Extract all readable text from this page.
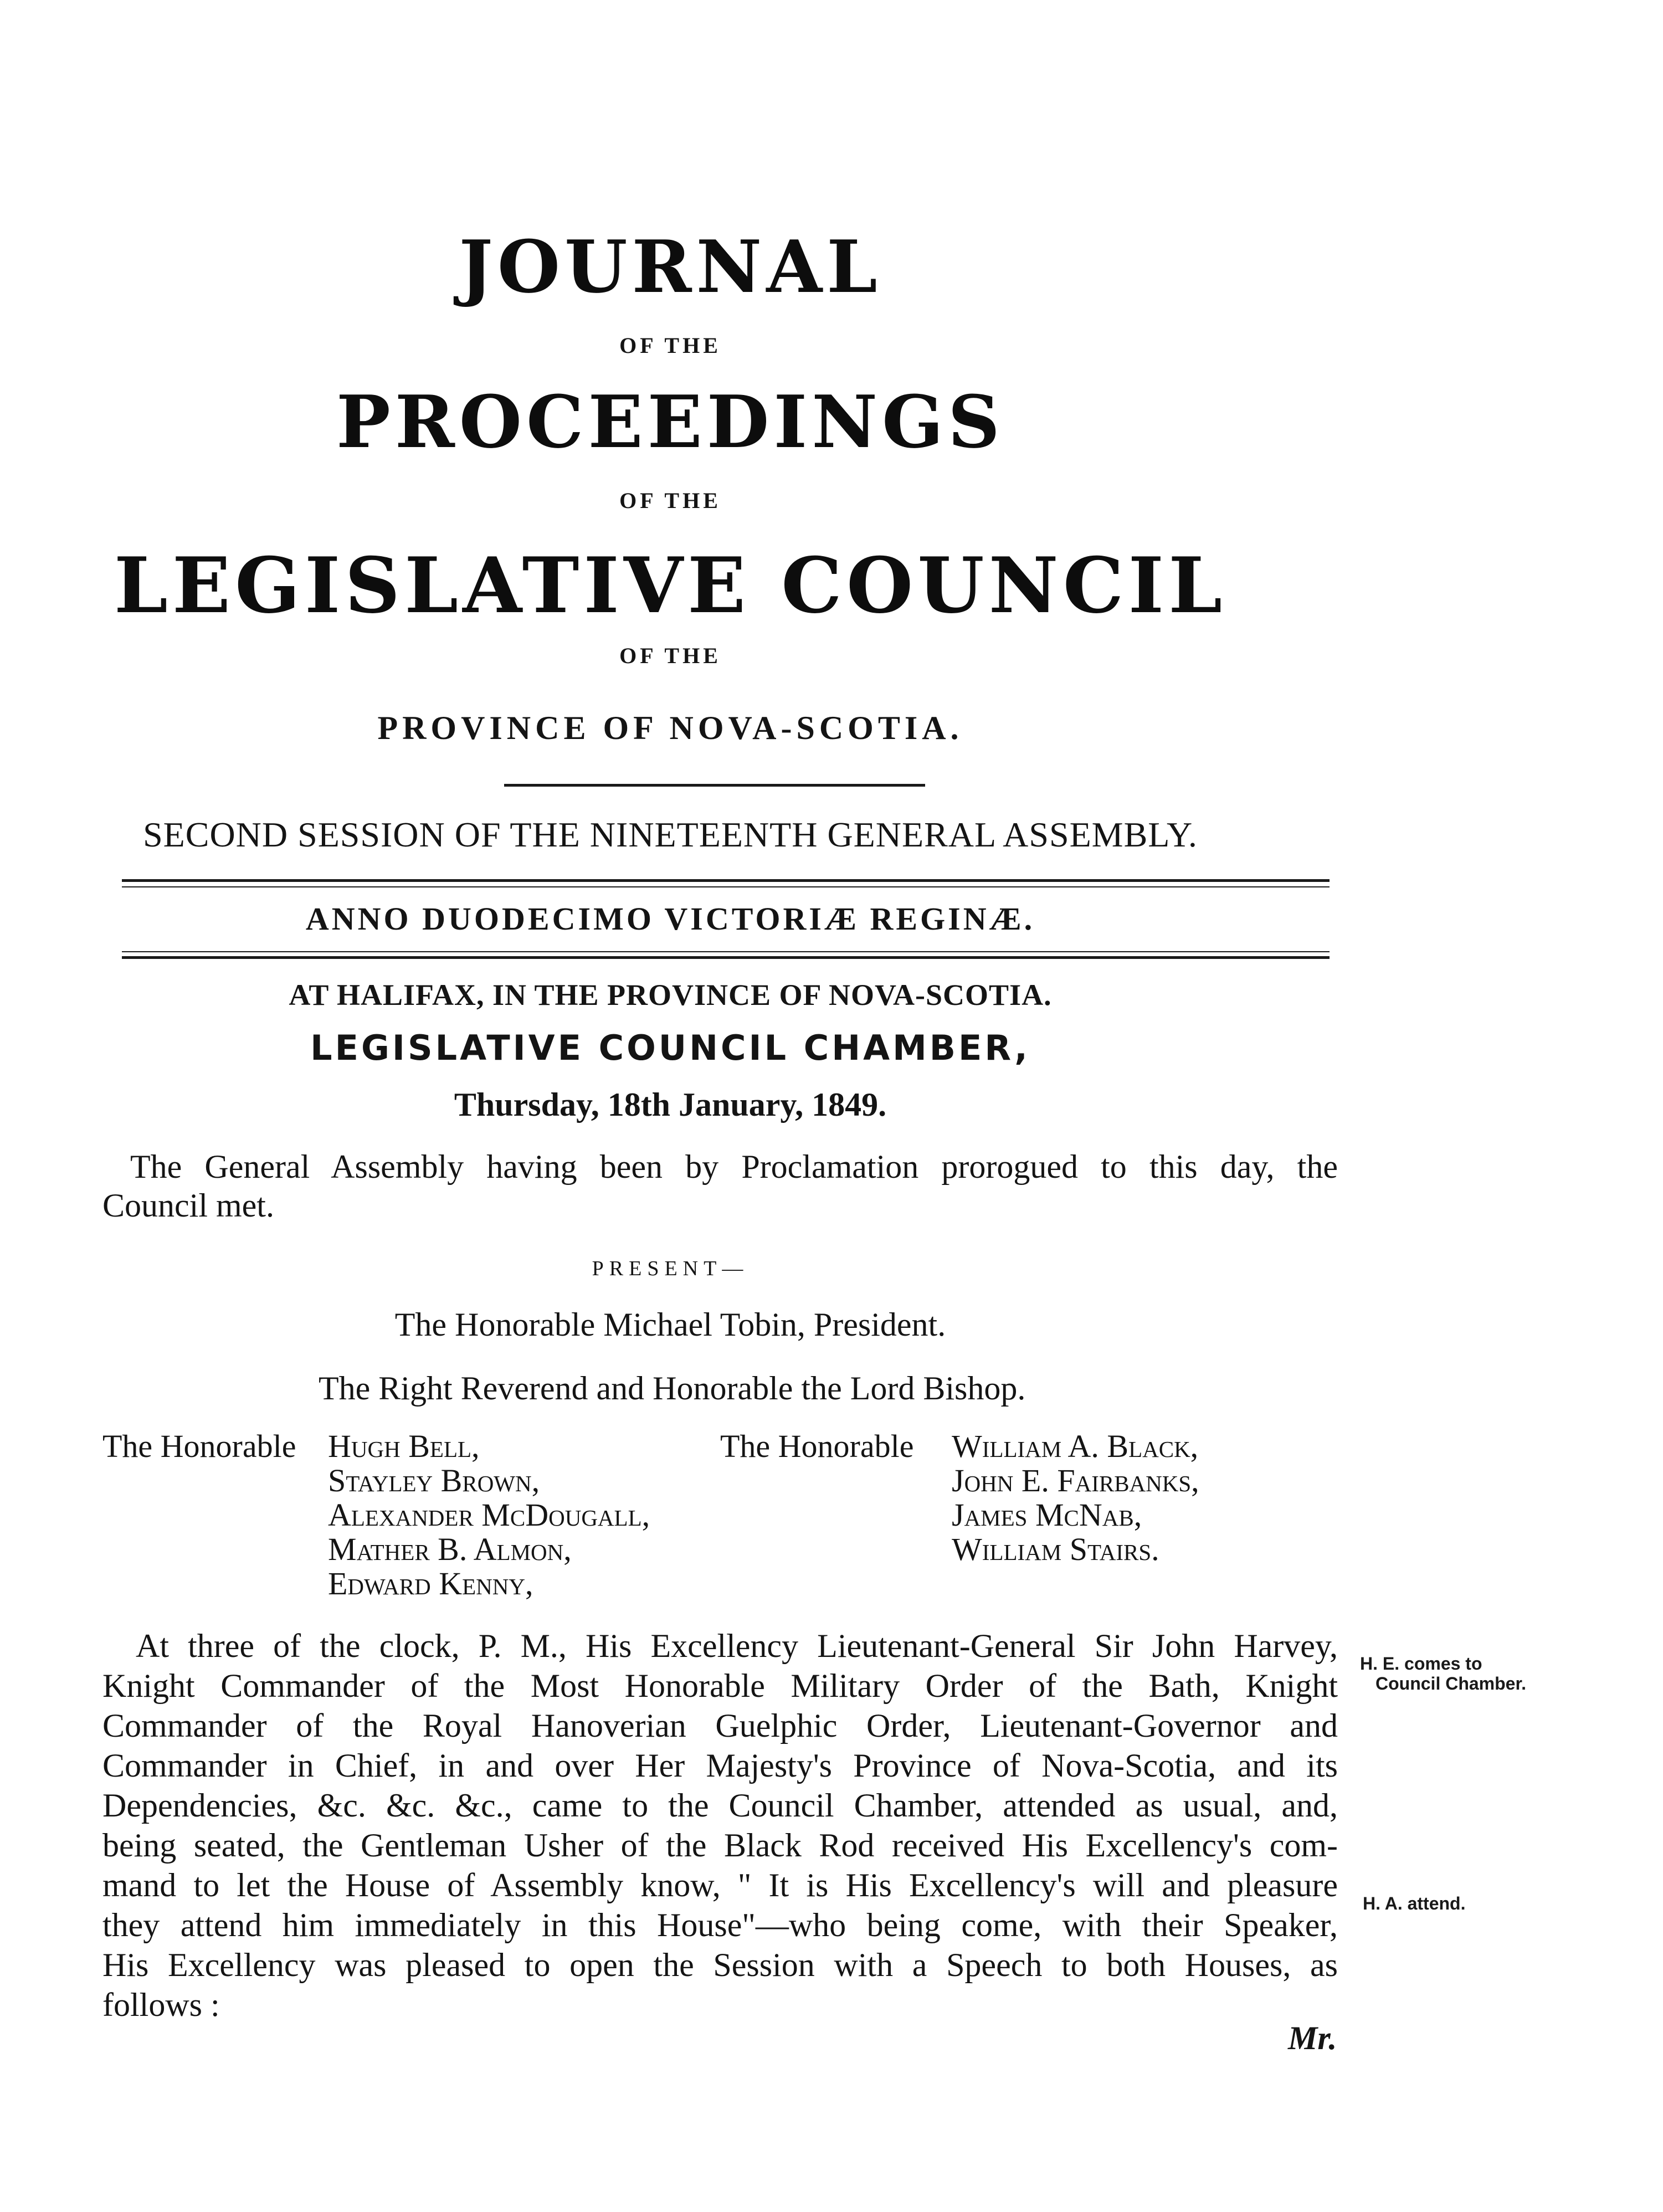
JOURNAL
OF THE
PROCEEDINGS
OF THE
LEGISLATIVE COUNCIL
OF THE
PROVINCE OF NOVA-SCOTIA.
SECOND SESSION OF THE NINETEENTH GENERAL ASSEMBLY.
ANNO DUODECIMO VICTORIÆ REGINÆ.
AT HALIFAX, IN THE PROVINCE OF NOVA-SCOTIA.
LEGISLATIVE COUNCIL CHAMBER,
Thursday, 18th January, 1849.
The General Assembly having been by Proclamation prorogued to this day, the
Council met.
PRESENT—
The Honorable Michael Tobin, President.
The Right Reverend and Honorable the Lord Bishop.
The Honorable Hugh Bell,
Stayley Brown,
Alexander McDougall,
Mather B. Almon,
Edward Kenny,
The Honorable William A. Black,
John E. Fairbanks,
James McNab,
William Stairs.
At three of the clock, P. M., His Excellency Lieutenant-General Sir John Harvey,
Knight Commander of the Most Honorable Military Order of the Bath, Knight
Commander of the Royal Hanoverian Guelphic Order, Lieutenant-Governor and
Commander in Chief, in and over Her Majesty's Province of Nova-Scotia, and its
Dependencies, &c. &c. &c., came to the Council Chamber, attended as usual, and,
being seated, the Gentleman Usher of the Black Rod received His Excellency's com-
mand to let the House of Assembly know, " It is His Excellency's will and pleasure
they attend him immediately in this House"—who being come, with their Speaker,
His Excellency was pleased to open the Session with a Speech to both Houses, as
follows :
H. E. comes to
Council Chamber.
H. A. attend.
Mr.
